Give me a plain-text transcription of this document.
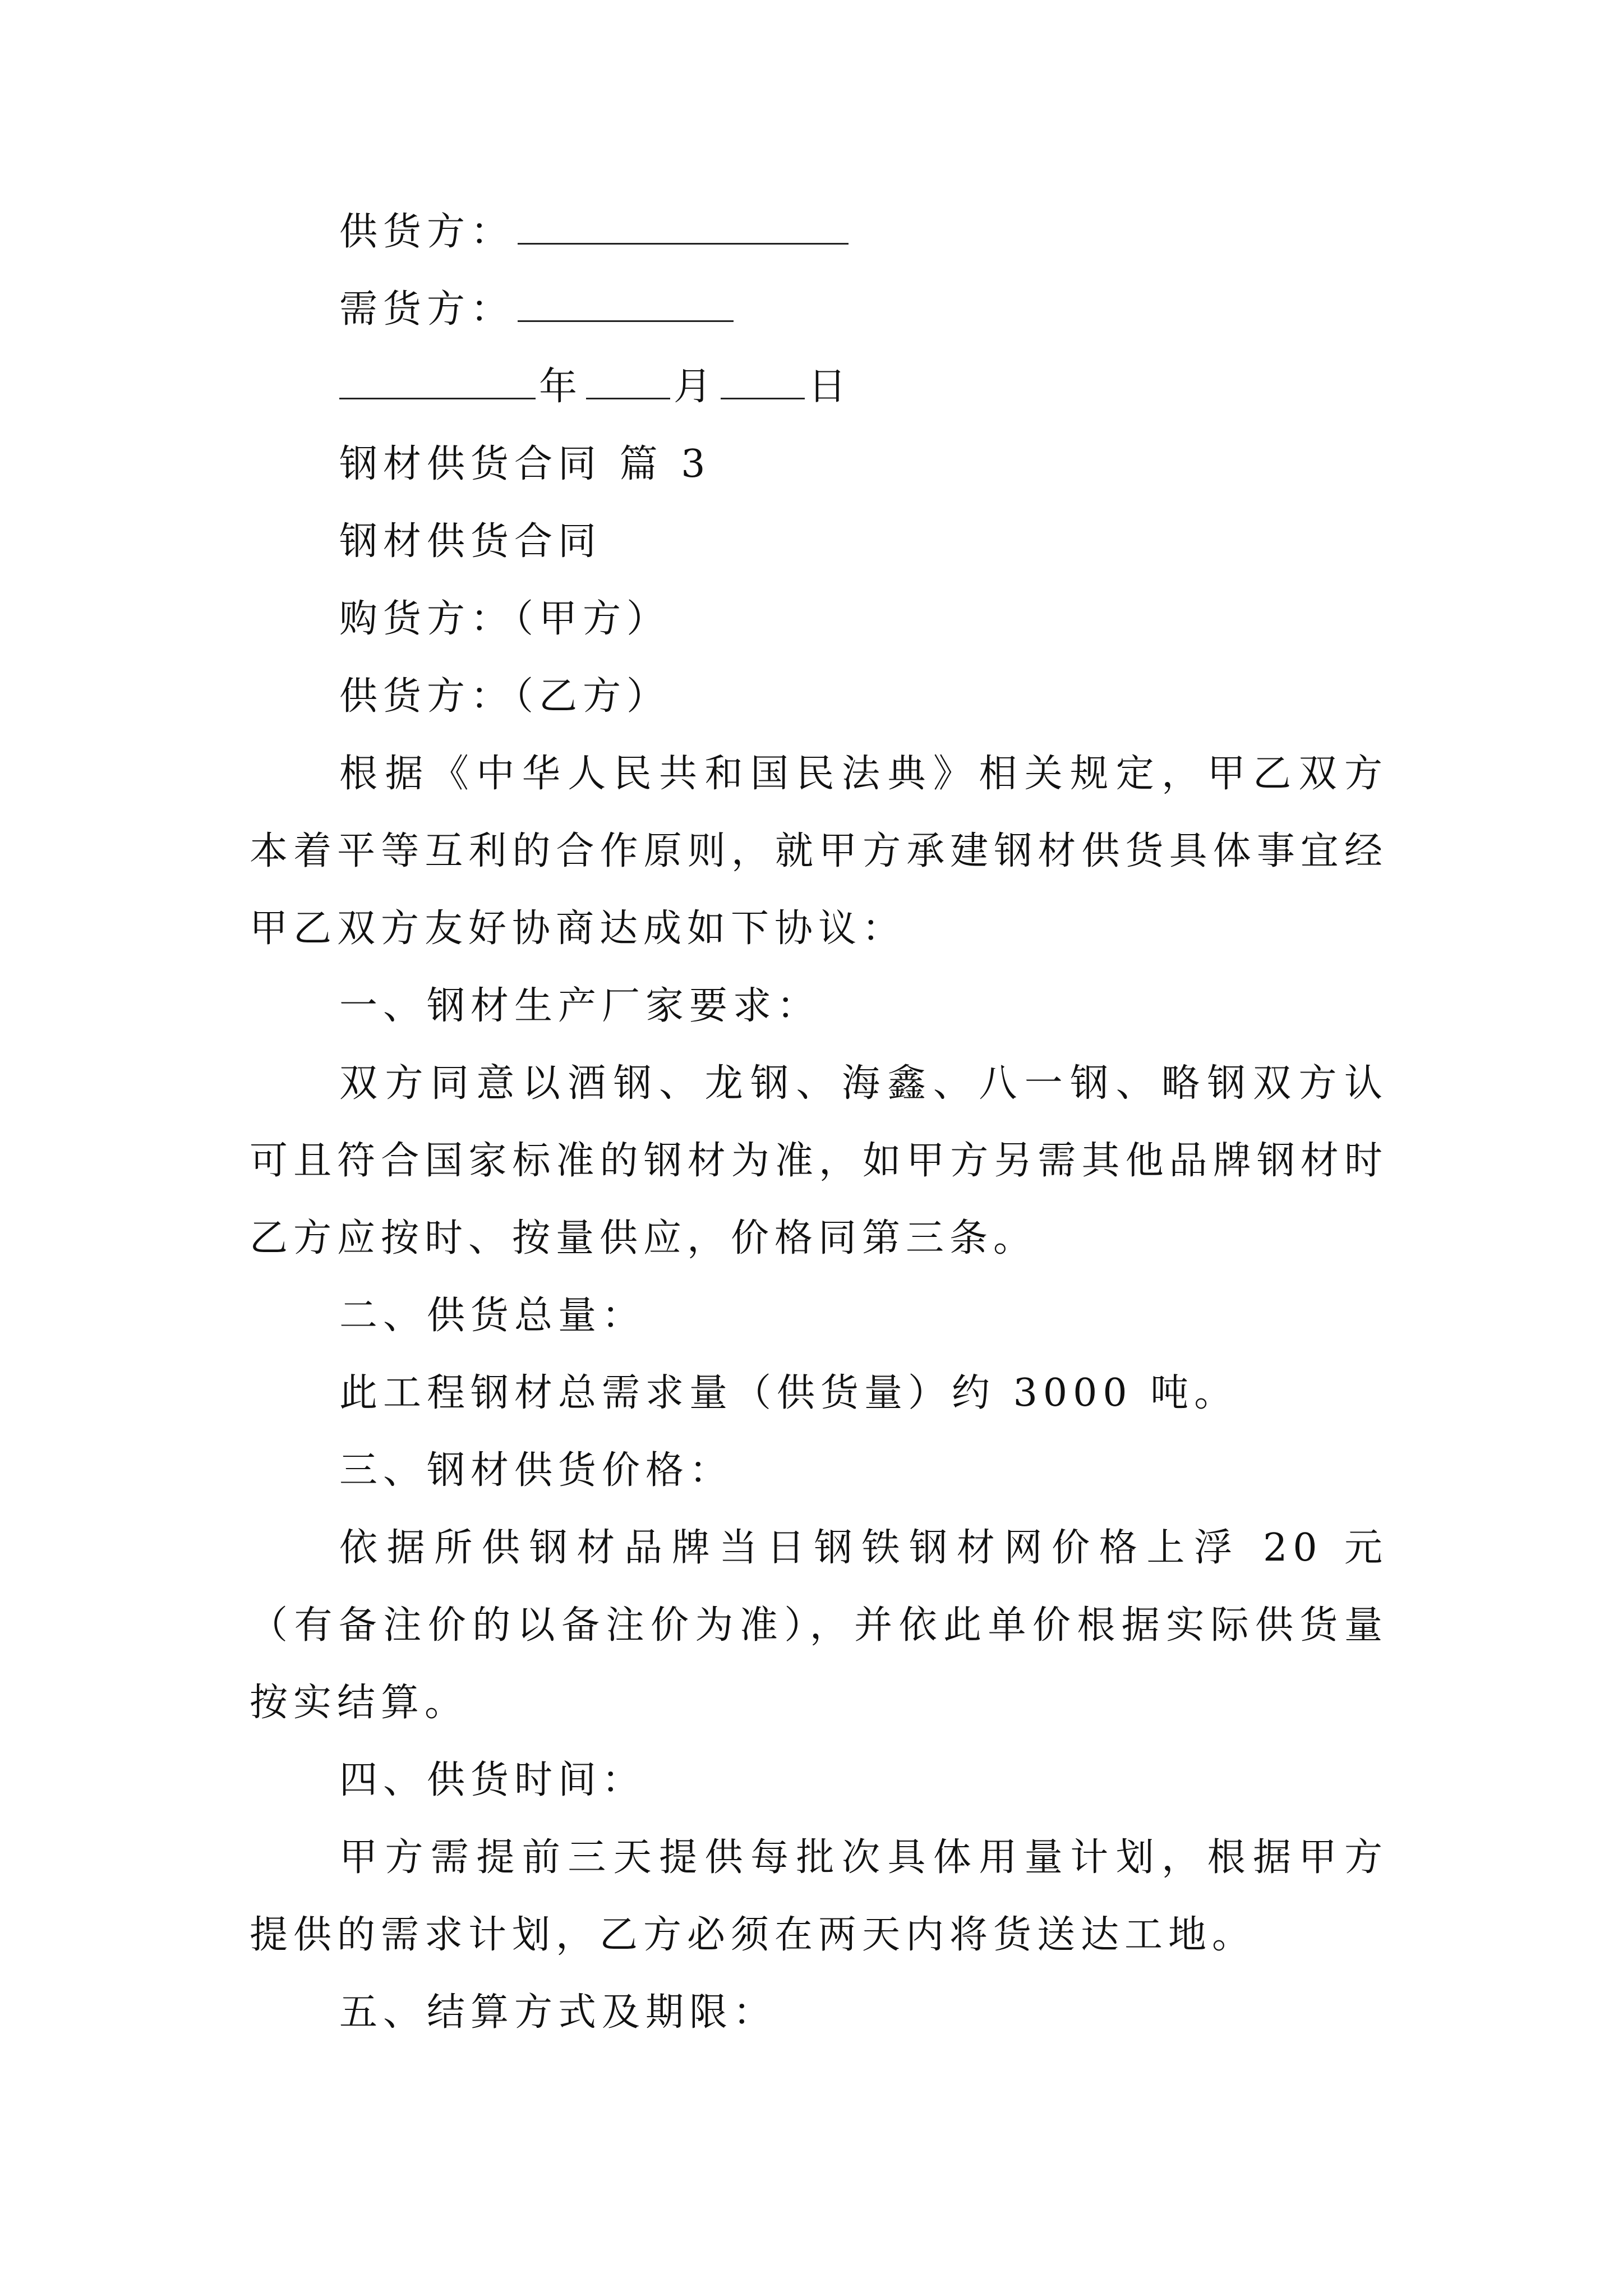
供货方：

需货方：

年 月 日

钢材供货合同 篇 3

钢材供货合同

购货方：（甲方）

供货方：（乙方）

根据《中华人民共和国民法典》相关规定，甲乙双方本着平等互利的合作原则，就甲方承建钢材供货具体事宜经甲乙双方友好协商达成如下协议：

一、钢材生产厂家要求：

双方同意以酒钢、龙钢、海鑫、八一钢、略钢双方认可且符合国家标准的钢材为准，如甲方另需其他品牌钢材时乙方应按时、按量供应，价格同第三条。

二、供货总量：

此工程钢材总需求量（供货量）约 3000 吨。

三、钢材供货价格：

依据所供钢材品牌当日钢铁钢材网价格上浮 20 元（有备注价的以备注价为准），并依此单价根据实际供货量按实结算。

四、供货时间：

甲方需提前三天提供每批次具体用量计划，根据甲方提供的需求计划，乙方必须在两天内将货送达工地。

五、结算方式及期限：
